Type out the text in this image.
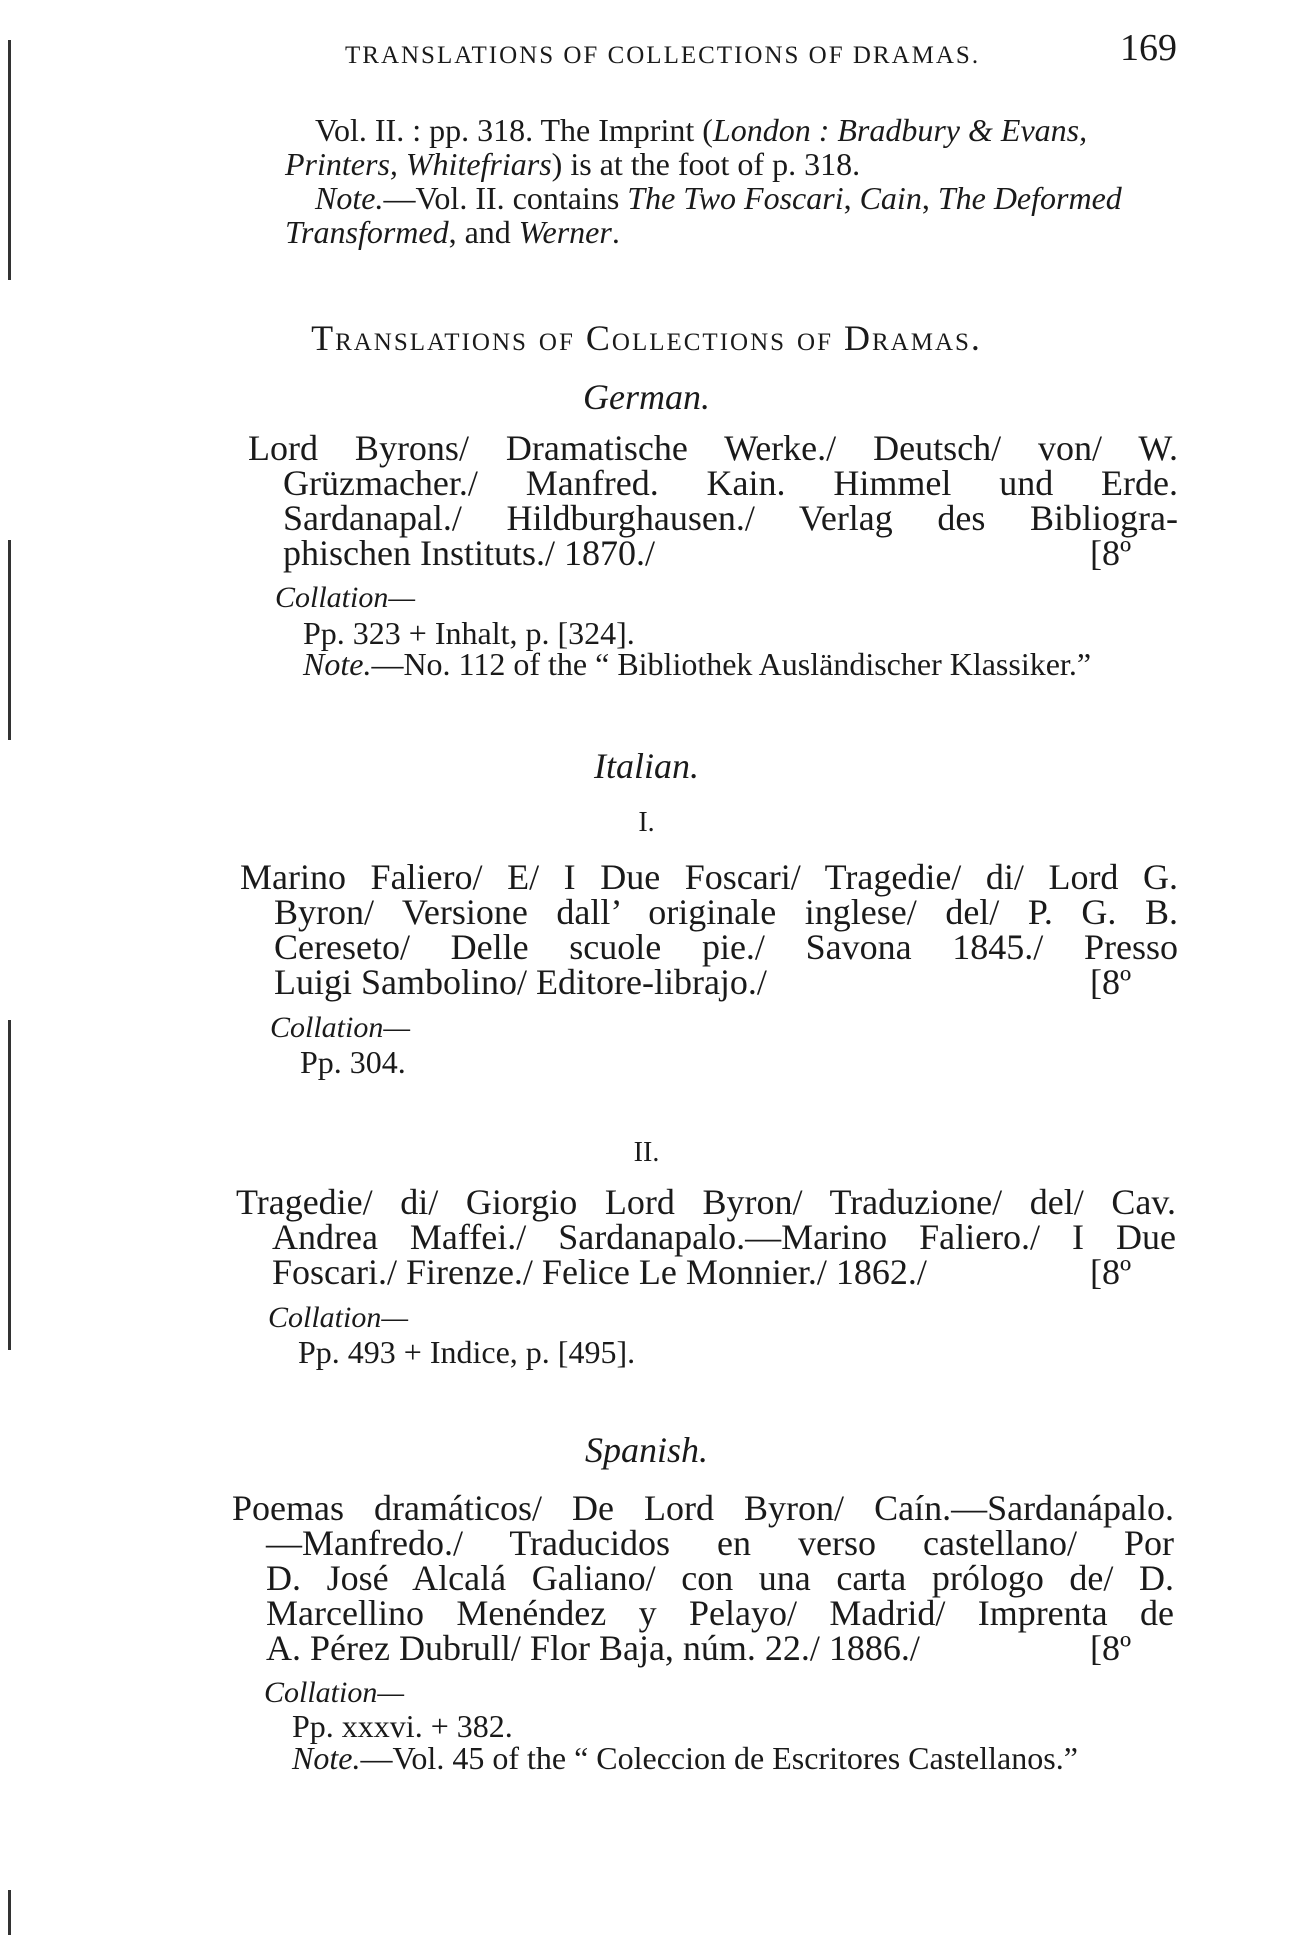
TRANSLATIONS OF COLLECTIONS OF DRAMAS.	169
Vol. II. : pp. 318. The Imprint (London : Bradbury & Evans,
Printers, Whitefriars) is at the foot of p. 318.
Note.—Vol. II. contains The Two Foscari, Cain, The Deformed
Transformed, and Werner.
Translations of Collections of Dramas.
German.
Lord Byrons/ Dramatische Werke./ Deutsch/ von/ W.
Grüzmacher./ Manfred. Kain. Himmel und Erde.
Sardanapal./ Hildburghausen./ Verlag des Bibliogra-
phischen Instituts./ 1870./	[8º
Collation—
Pp. 323 + Inhalt, p. [324].
Note.—No. 112 of the “ Bibliothek Ausländischer Klassiker.”
Italian.
I.
Marino Faliero/ E/ I Due Foscari/ Tragedie/ di/ Lord G.
Byron/ Versione dall’ originale inglese/ del/ P. G. B.
Cereseto/ Delle scuole pie./ Savona 1845./ Presso
Luigi Sambolino/ Editore-librajo./	[8º
Collation—
Pp. 304.
II.
Tragedie/ di/ Giorgio Lord Byron/ Traduzione/ del/ Cav.
Andrea Maffei./ Sardanapalo.—Marino Faliero./ I Due
Foscari./ Firenze./ Felice Le Monnier./ 1862./	[8º
Collation—
Pp. 493 + Indice, p. [495].
Spanish.
Poemas dramáticos/ De Lord Byron/ Caín.—Sardanápalo.
—Manfredo./ Traducidos en verso castellano/ Por
D. José Alcalá Galiano/ con una carta prólogo de/ D.
Marcellino Menéndez y Pelayo/ Madrid/ Imprenta de
A. Pérez Dubrull/ Flor Baja, núm. 22./ 1886./	[8º
Collation—
Pp. xxxvi. + 382.
Note.—Vol. 45 of the “ Coleccion de Escritores Castellanos.”
